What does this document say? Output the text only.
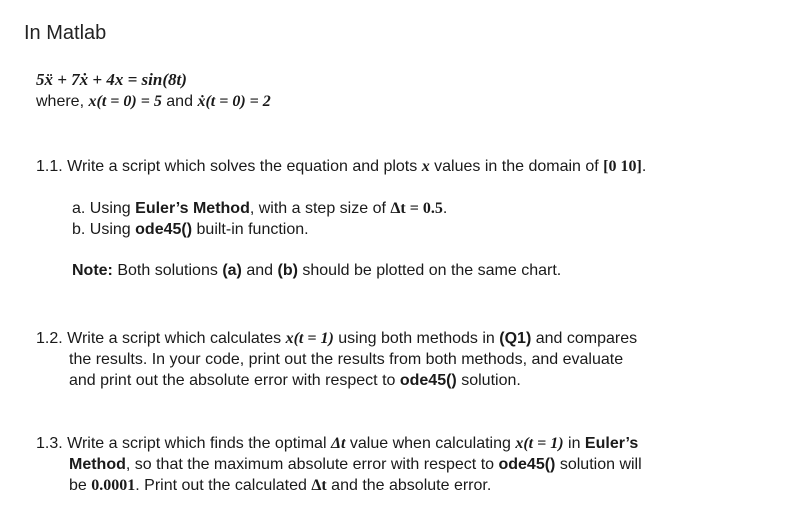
In Matlab
5ẍ + 7ẋ + 4x = sin(8t)
where, x(t = 0) = 5 and ẋ(t = 0) = 2
1.1. Write a script which solves the equation and plots x values in the domain of [0 10].
a. Using Euler’s Method, with a step size of Δt = 0.5.
b. Using ode45() built-in function.
Note: Both solutions (a) and (b) should be plotted on the same chart.
1.2. Write a script which calculates x(t = 1) using both methods in (Q1) and compares
the results. In your code, print out the results from both methods, and evaluate
and print out the absolute error with respect to ode45() solution.
1.3. Write a script which finds the optimal Δt value when calculating x(t = 1) in Euler’s
Method, so that the maximum absolute error with respect to ode45() solution will
be 0.0001. Print out the calculated Δt and the absolute error.
